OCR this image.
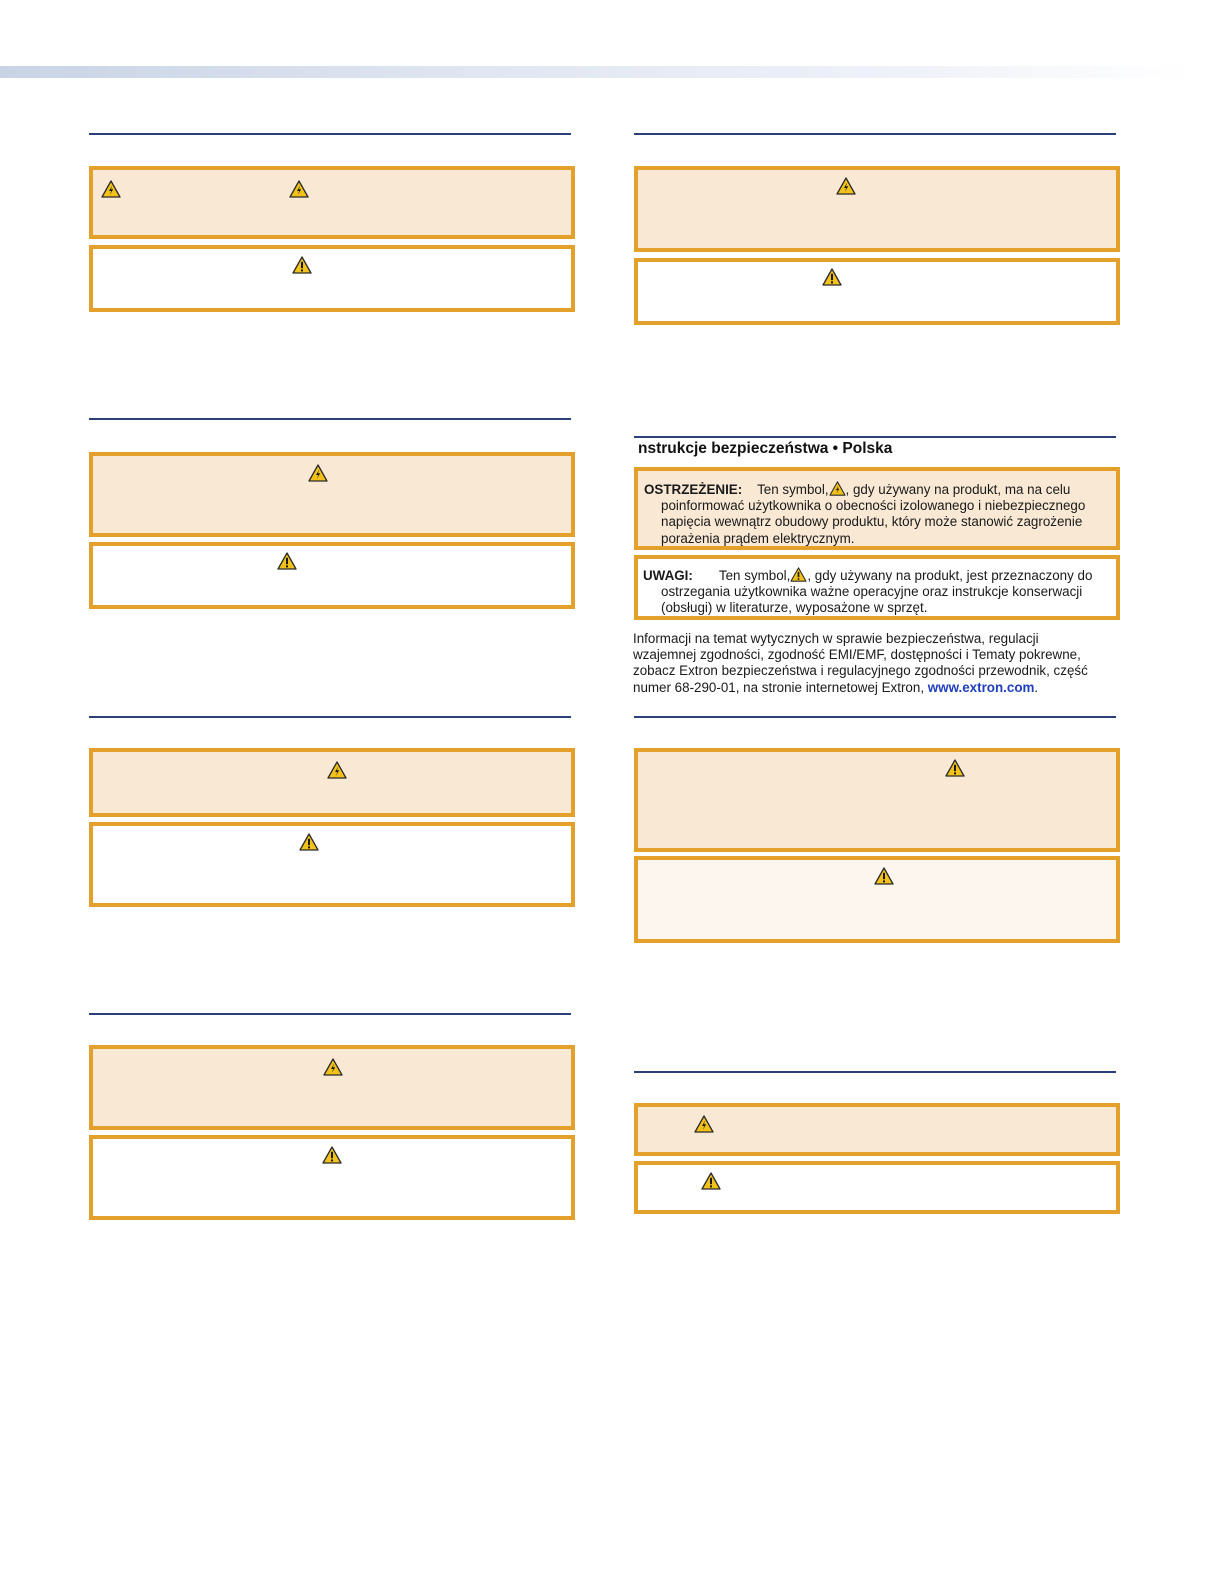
nstrukcje bezpieczeństwa • Polska
OSTRZEŻENIE: Ten symbol, , gdy używany na produkt, ma na celu
poinformować użytkownika o obecności izolowanego i niebezpiecznego
napięcia wewnątrz obudowy produktu, który może stanowić zagrożenie
porażenia prądem elektrycznym.
UWAGI: Ten symbol, , gdy używany na produkt, jest przeznaczony do
ostrzegania użytkownika ważne operacyjne oraz instrukcje konserwacji
(obsługi) w literaturze, wyposażone w sprzęt.
Informacji na temat wytycznych w sprawie bezpieczeństwa, regulacji
wzajemnej zgodności, zgodność EMI/EMF, dostępności i Tematy pokrewne,
zobacz Extron bezpieczeństwa i regulacyjnego zgodności przewodnik, część
numer 68-290-01, na stronie internetowej Extron, www.extron.com.
